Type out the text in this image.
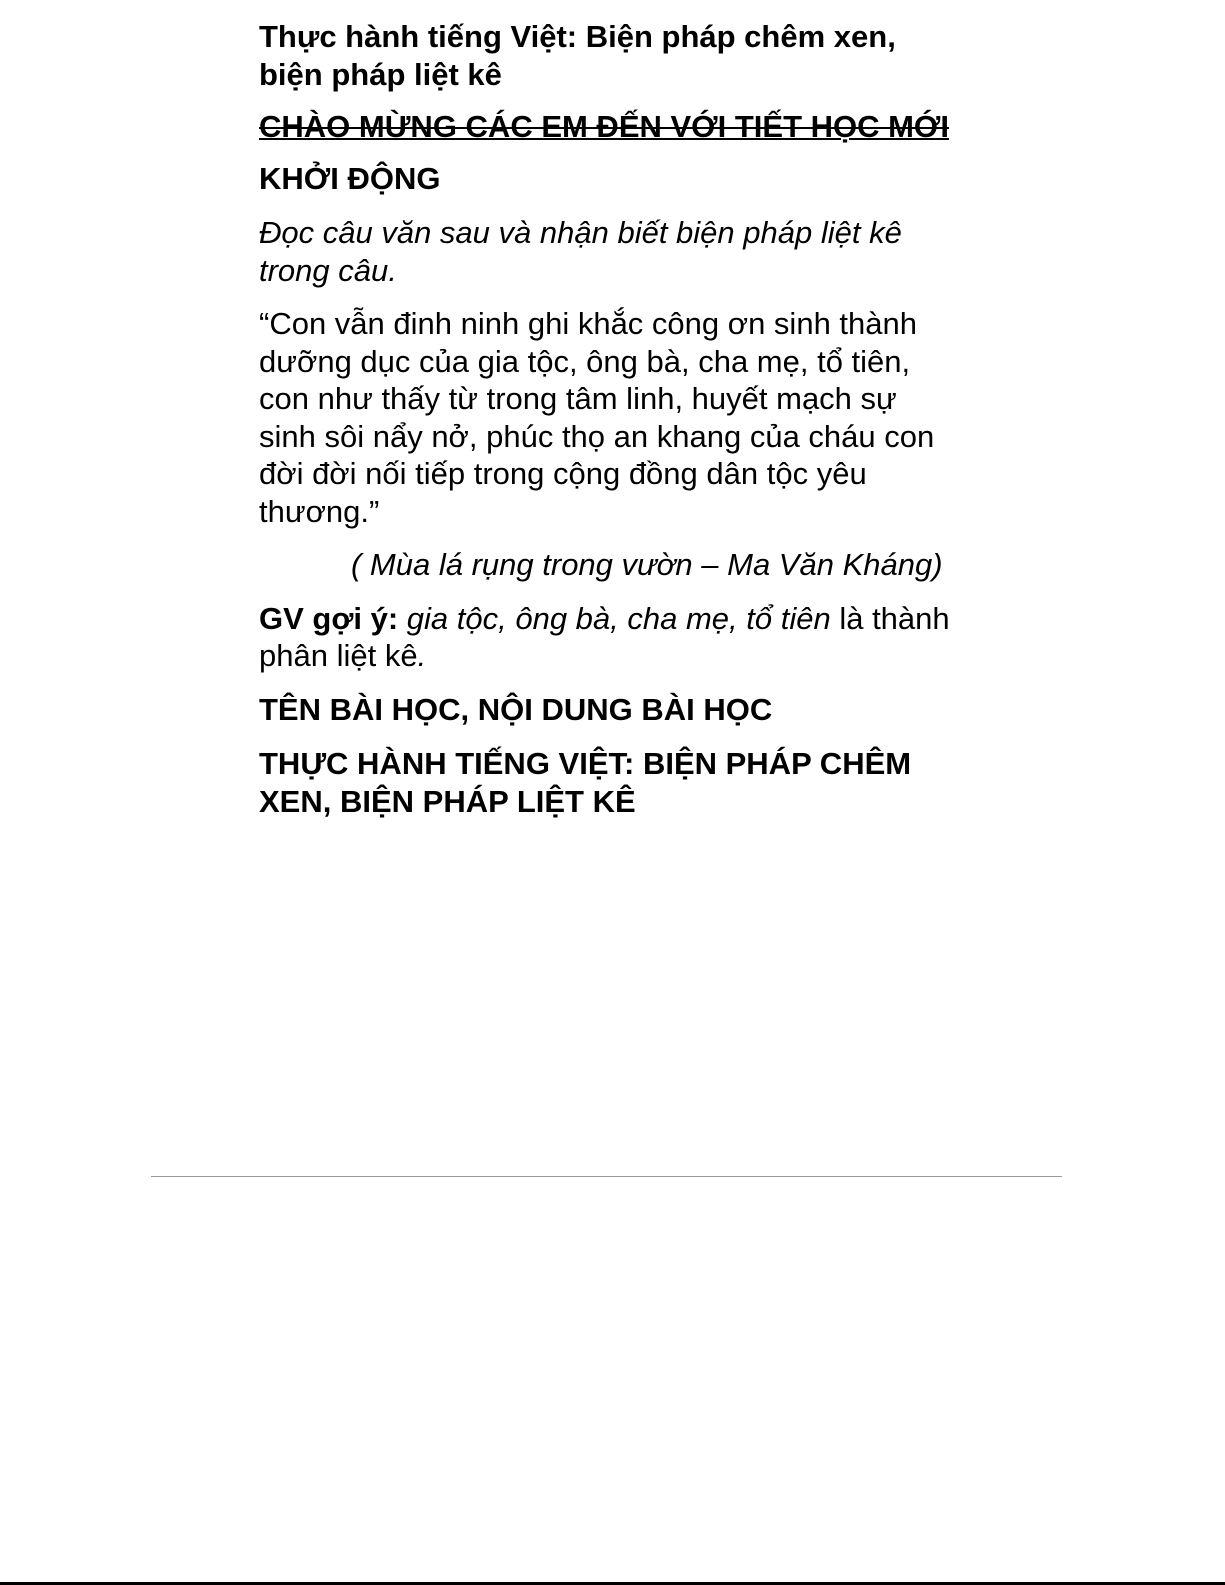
Thực hành tiếng Việt: Biện pháp chêm xen, biện pháp liệt kê
CHÀO MỪNG CÁC EM ĐẾN VỚI TIẾT HỌC MỚI
KHỞI ĐỘNG
Đọc câu văn sau và nhận biết biện pháp liệt kê trong câu.
“Con vẫn đinh ninh ghi khắc công ơn sinh thành dưỡng dục của gia tộc, ông bà, cha mẹ, tổ tiên, con như thấy từ trong tâm linh, huyết mạch sự sinh sôi nẩy nở, phúc thọ an khang của cháu con đời đời nối tiếp trong cộng đồng dân tộc yêu thương.”
( Mùa lá rụng trong vườn – Ma Văn Kháng)
GV gợi ý: gia tộc, ông bà, cha mẹ, tổ tiên là thành phân liệt kê.
TÊN BÀI HỌC, NỘI DUNG BÀI HỌC
THỰC HÀNH TIẾNG VIỆT: BIỆN PHÁP CHÊM XEN, BIỆN PHÁP LIỆT KÊ
